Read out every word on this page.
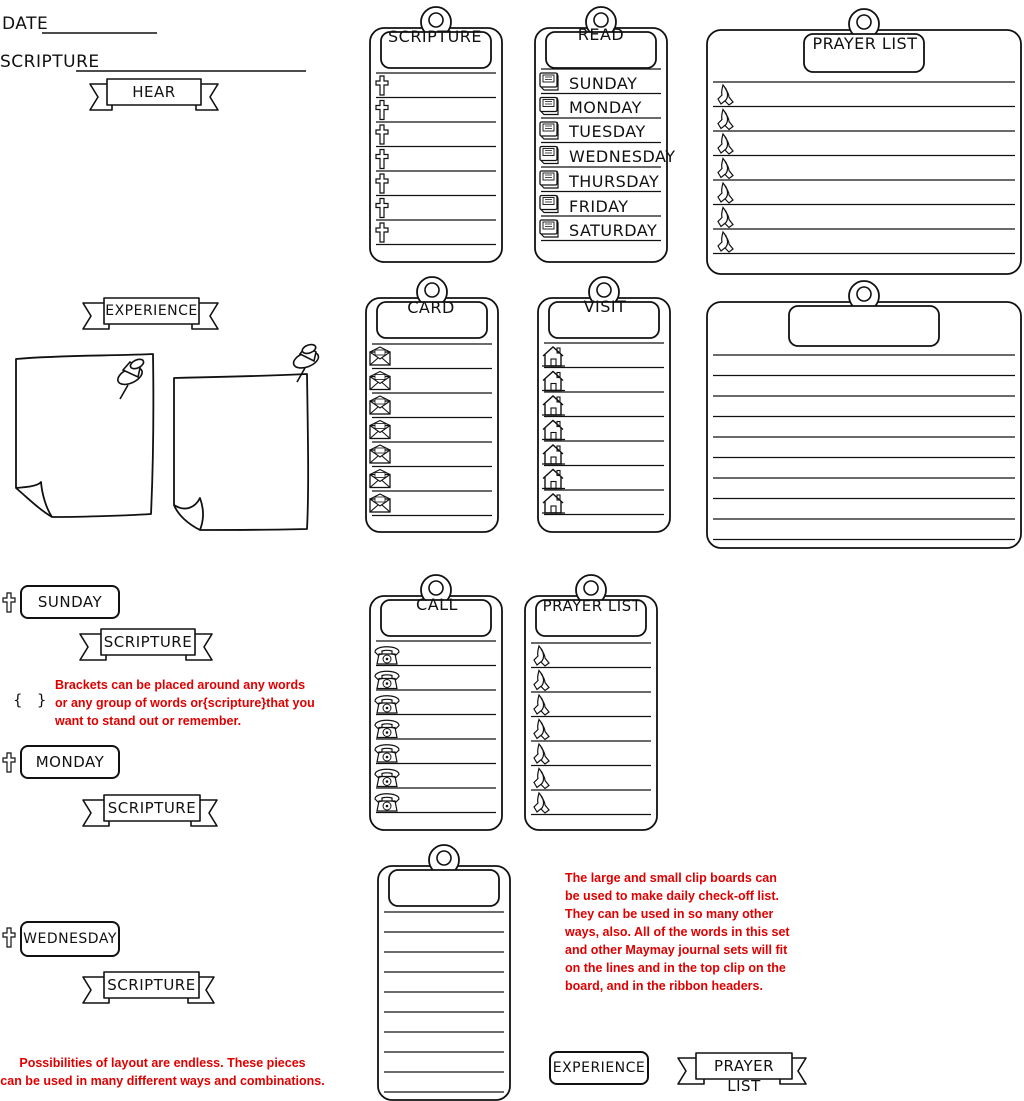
DATE
SCRIPTURE
HEAR
EXPERIENCE
SCRIPTURE	READ	PRAYER LIST
CARD	VISIT
CALL	PRAYER LIST
SUNDAY
MONDAY
TUESDAY
WEDNESDAY
THURSDAY
FRIDAY
SATURDAY
SUNDAY
SCRIPTURE
MONDAY
SCRIPTURE
WEDNESDAY
SCRIPTURE
{   }
Brackets can be placed around any words
or any group of words or{scripture}that you
want to stand out or remember.
The large and small clip boards can be used to make daily check-off list. They can be used in so many other ways, also. All of the words in this set and other Maymay journal sets will fit on the lines and in the top clip on the board, and in the ribbon headers.
Possibilities of layout are endless. These pieces
can be used in many different ways and combinations.
EXPERIENCE	PRAYER LIST
